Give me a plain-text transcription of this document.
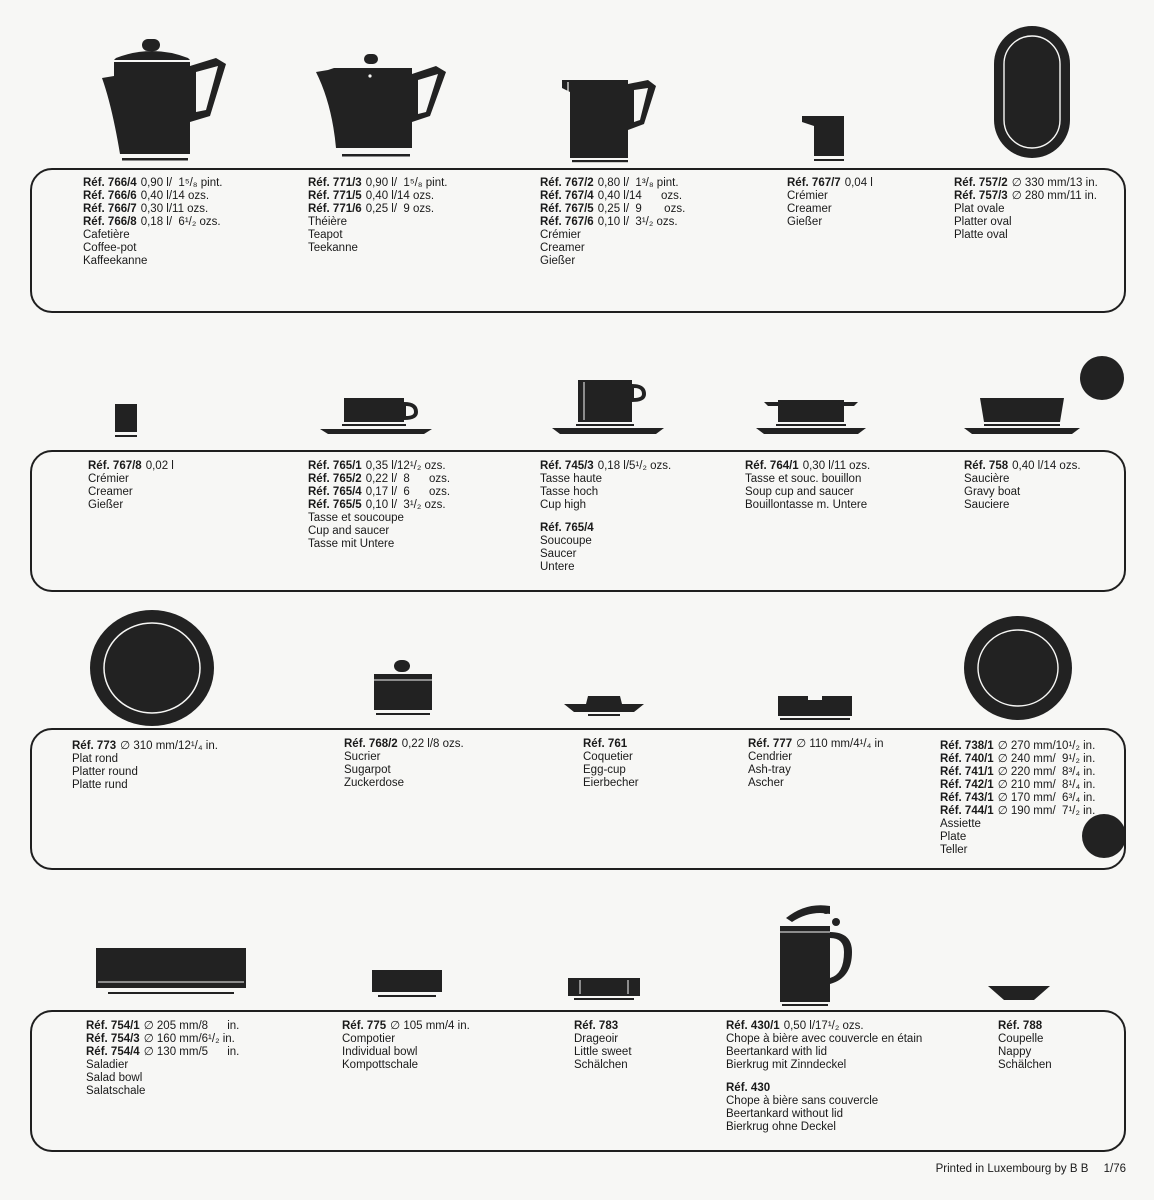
Réf. 766/4 0,90 l/  1⁵/₈ pint.
Réf. 766/6 0,40 l/14 ozs.
Réf. 766/7 0,30 l/11 ozs.
Réf. 766/8 0,18 l/  6¹/₂ ozs.
Cafetière
Coffee-pot
Kaffeekanne
Réf. 771/3 0,90 l/  1⁵/₈ pint.
Réf. 771/5 0,40 l/14 ozs.
Réf. 771/6 0,25 l/  9 ozs.
Théière
Teapot
Teekanne
Réf. 767/2 0,80 l/  1³/₈ pint.
Réf. 767/4 0,40 l/14      ozs.
Réf. 767/5 0,25 l/  9       ozs.
Réf. 767/6 0,10 l/  3¹/₂ ozs.
Crémier
Creamer
Gießer
Réf. 767/7 0,04 l
Crémier
Creamer
Gießer
Réf. 757/2 ∅ 330 mm/13 in.
Réf. 757/3 ∅ 280 mm/11 in.
Plat ovale
Platter oval
Platte oval
Réf. 767/8 0,02 l
Crémier
Creamer
Gießer
Réf. 765/1 0,35 l/12¹/₂ ozs.
Réf. 765/2 0,22 l/  8      ozs.
Réf. 765/4 0,17 l/  6      ozs.
Réf. 765/5 0,10 l/  3¹/₂ ozs.
Tasse et soucoupe
Cup and saucer
Tasse mit Untere
Réf. 745/3 0,18 l/5¹/₂ ozs.
Tasse haute
Tasse hoch
Cup high
Réf. 765/4
Soucoupe
Saucer
Untere
Réf. 764/1 0,30 l/11 ozs.
Tasse et souc. bouillon
Soup cup and saucer
Bouillontasse m. Untere
Réf. 758 0,40 l/14 ozs.
Saucière
Gravy boat
Sauciere
Réf. 773 ∅ 310 mm/12¹/₄ in.
Plat rond
Platter round
Platte rund
Réf. 768/2 0,22 l/8 ozs.
Sucrier
Sugarpot
Zuckerdose
Réf. 761
Coquetier
Egg-cup
Eierbecher
Réf. 777 ∅ 110 mm/4¹/₄ in
Cendrier
Ash-tray
Ascher
Réf. 738/1 ∅ 270 mm/10¹/₂ in.
Réf. 740/1 ∅ 240 mm/  9¹/₂ in.
Réf. 741/1 ∅ 220 mm/  8³/₄ in.
Réf. 742/1 ∅ 210 mm/  8¹/₄ in.
Réf. 743/1 ∅ 170 mm/  6³/₄ in.
Réf. 744/1 ∅ 190 mm/  7¹/₂ in.
Assiette
Plate
Teller
Réf. 754/1 ∅ 205 mm/8      in.
Réf. 754/3 ∅ 160 mm/6¹/₂ in.
Réf. 754/4 ∅ 130 mm/5      in.
Saladier
Salad bowl
Salatschale
Réf. 775 ∅ 105 mm/4 in.
Compotier
Individual bowl
Kompottschale
Réf. 783
Drageoir
Little sweet
Schälchen
Réf. 430/1 0,50 l/17¹/₂ ozs.
Chope à bière avec couvercle en étain
Beertankard with lid
Bierkrug mit Zinndeckel
Réf. 430
Chope à bière sans couvercle
Beertankard without lid
Bierkrug ohne Deckel
Réf. 788
Coupelle
Nappy
Schälchen
Printed in Luxembourg by B B 1/76
